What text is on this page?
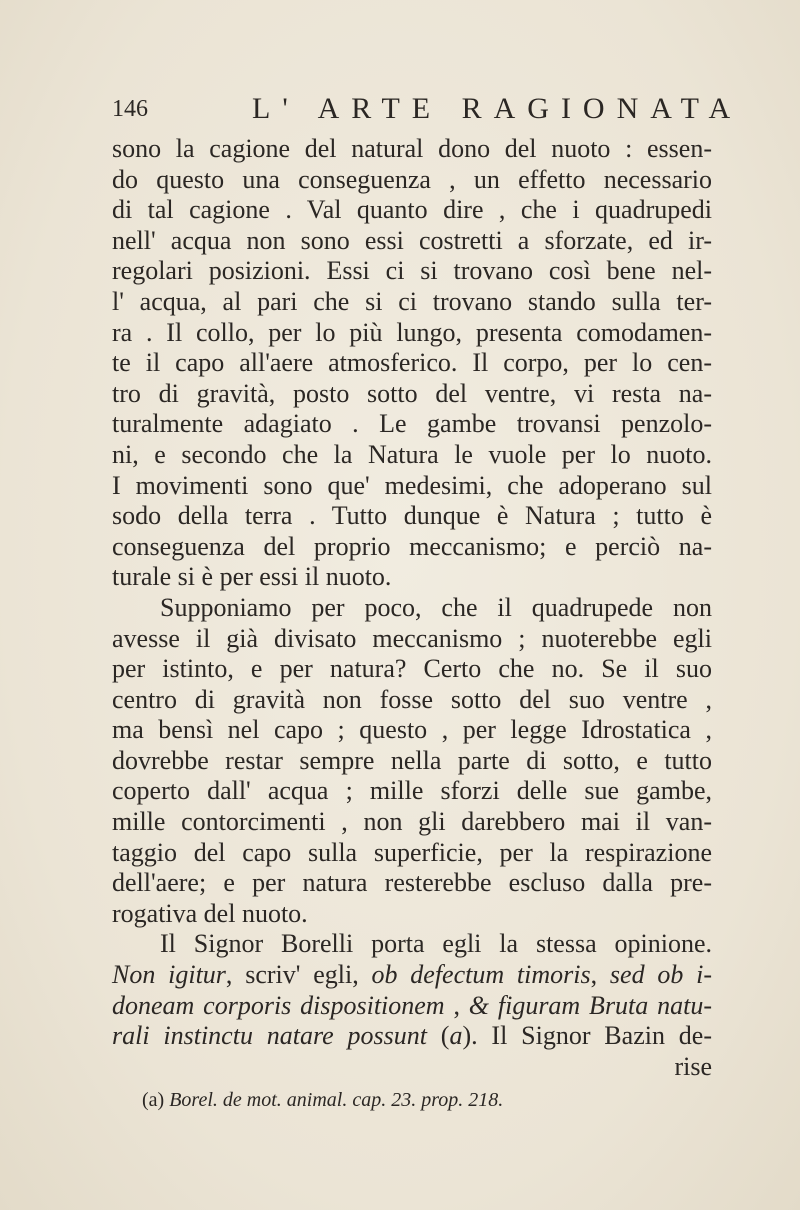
146	L' ARTE RAGIONATA
sono la cagione del natural dono del nuoto : essen-
do questo una conseguenza , un effetto necessario
di tal cagione . Val quanto dire , che i quadrupedi
nell' acqua non sono essi costretti a sforzate, ed ir-
regolari posizioni. Essi ci si trovano così bene nel-
l' acqua, al pari che si ci trovano stando sulla ter-
ra . Il collo, per lo più lungo, presenta comodamen-
te il capo all'aere atmosferico. Il corpo, per lo cen-
tro di gravità, posto sotto del ventre, vi resta na-
turalmente adagiato . Le gambe trovansi penzolo-
ni, e secondo che la Natura le vuole per lo nuoto.
I movimenti sono que' medesimi, che adoperano sul
sodo della terra . Tutto dunque è Natura ; tutto è
conseguenza del proprio meccanismo; e perciò na-
turale si è per essi il nuoto.
Supponiamo per poco, che il quadrupede non
avesse il già divisato meccanismo ; nuoterebbe egli
per istinto, e per natura? Certo che no. Se il suo
centro di gravità non fosse sotto del suo ventre ,
ma bensì nel capo ; questo , per legge Idrostatica ,
dovrebbe restar sempre nella parte di sotto, e tutto
coperto dall' acqua ; mille sforzi delle sue gambe,
mille contorcimenti , non gli darebbero mai il van-
taggio del capo sulla superficie, per la respirazione
dell'aere; e per natura resterebbe escluso dalla pre-
rogativa del nuoto.
Il Signor Borelli porta egli la stessa opinione.
Non igitur, scriv' egli, ob defectum timoris, sed ob i-
doneam corporis dispositionem , & figuram Bruta natu-
rali instinctu natare possunt (a). Il Signor Bazin de-
rise
(a) Borel. de mot. animal. cap. 23. prop. 218.
